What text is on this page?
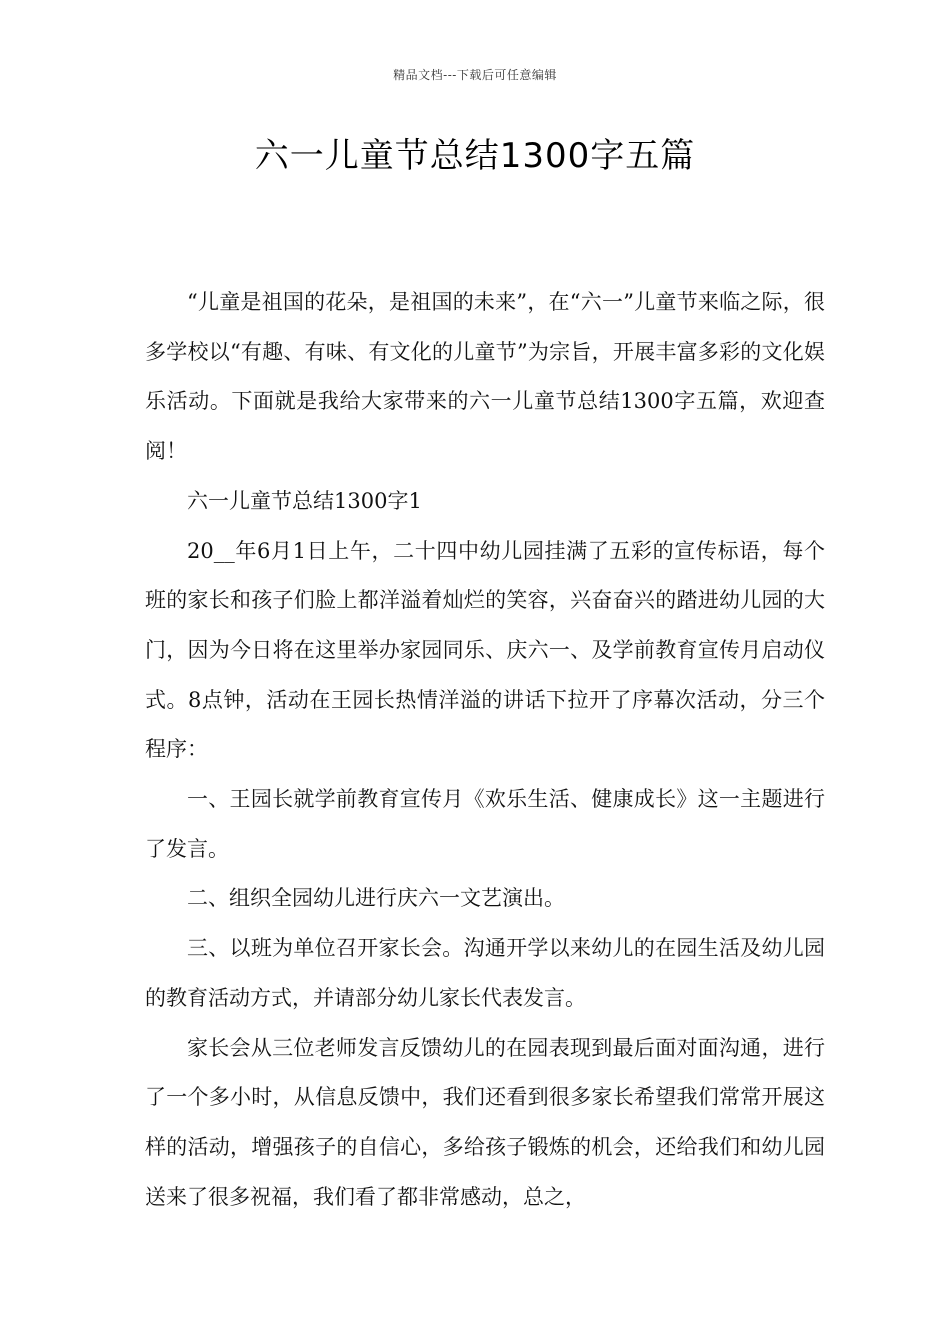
精品文档---下载后可任意编辑
六一儿童节总结1300字五篇

“儿童是祖国的花朵，是祖国的未来”，在“六一”儿童节来临之际，很多学校以“有趣、有味、有文化的儿童节”为宗旨，开展丰富多彩的文化娱乐活动。下面就是我给大家带来的六一儿童节总结1300字五篇，欢迎查阅！

六一儿童节总结1300字1

20__年6月1日上午，二十四中幼儿园挂满了五彩的宣传标语，每个班的家长和孩子们脸上都洋溢着灿烂的笑容，兴奋奋兴的踏进幼儿园的大门，因为今日将在这里举办家园同乐、庆六一、及学前教育宣传月启动仪式。8点钟，活动在王园长热情洋溢的讲话下拉开了序幕次活动，分三个程序：

一、王园长就学前教育宣传月《欢乐生活、健康成长》这一主题进行了发言。

二、组织全园幼儿进行庆六一文艺演出。

三、以班为单位召开家长会。沟通开学以来幼儿的在园生活及幼儿园的教育活动方式，并请部分幼儿家长代表发言。

家长会从三位老师发言反馈幼儿的在园表现到最后面对面沟通，进行了一个多小时，从信息反馈中，我们还看到很多家长希望我们常常开展这样的活动，增强孩子的自信心，多给孩子锻炼的机会，还给我们和幼儿园送来了很多祝福，我们看了都非常感动，总之，
